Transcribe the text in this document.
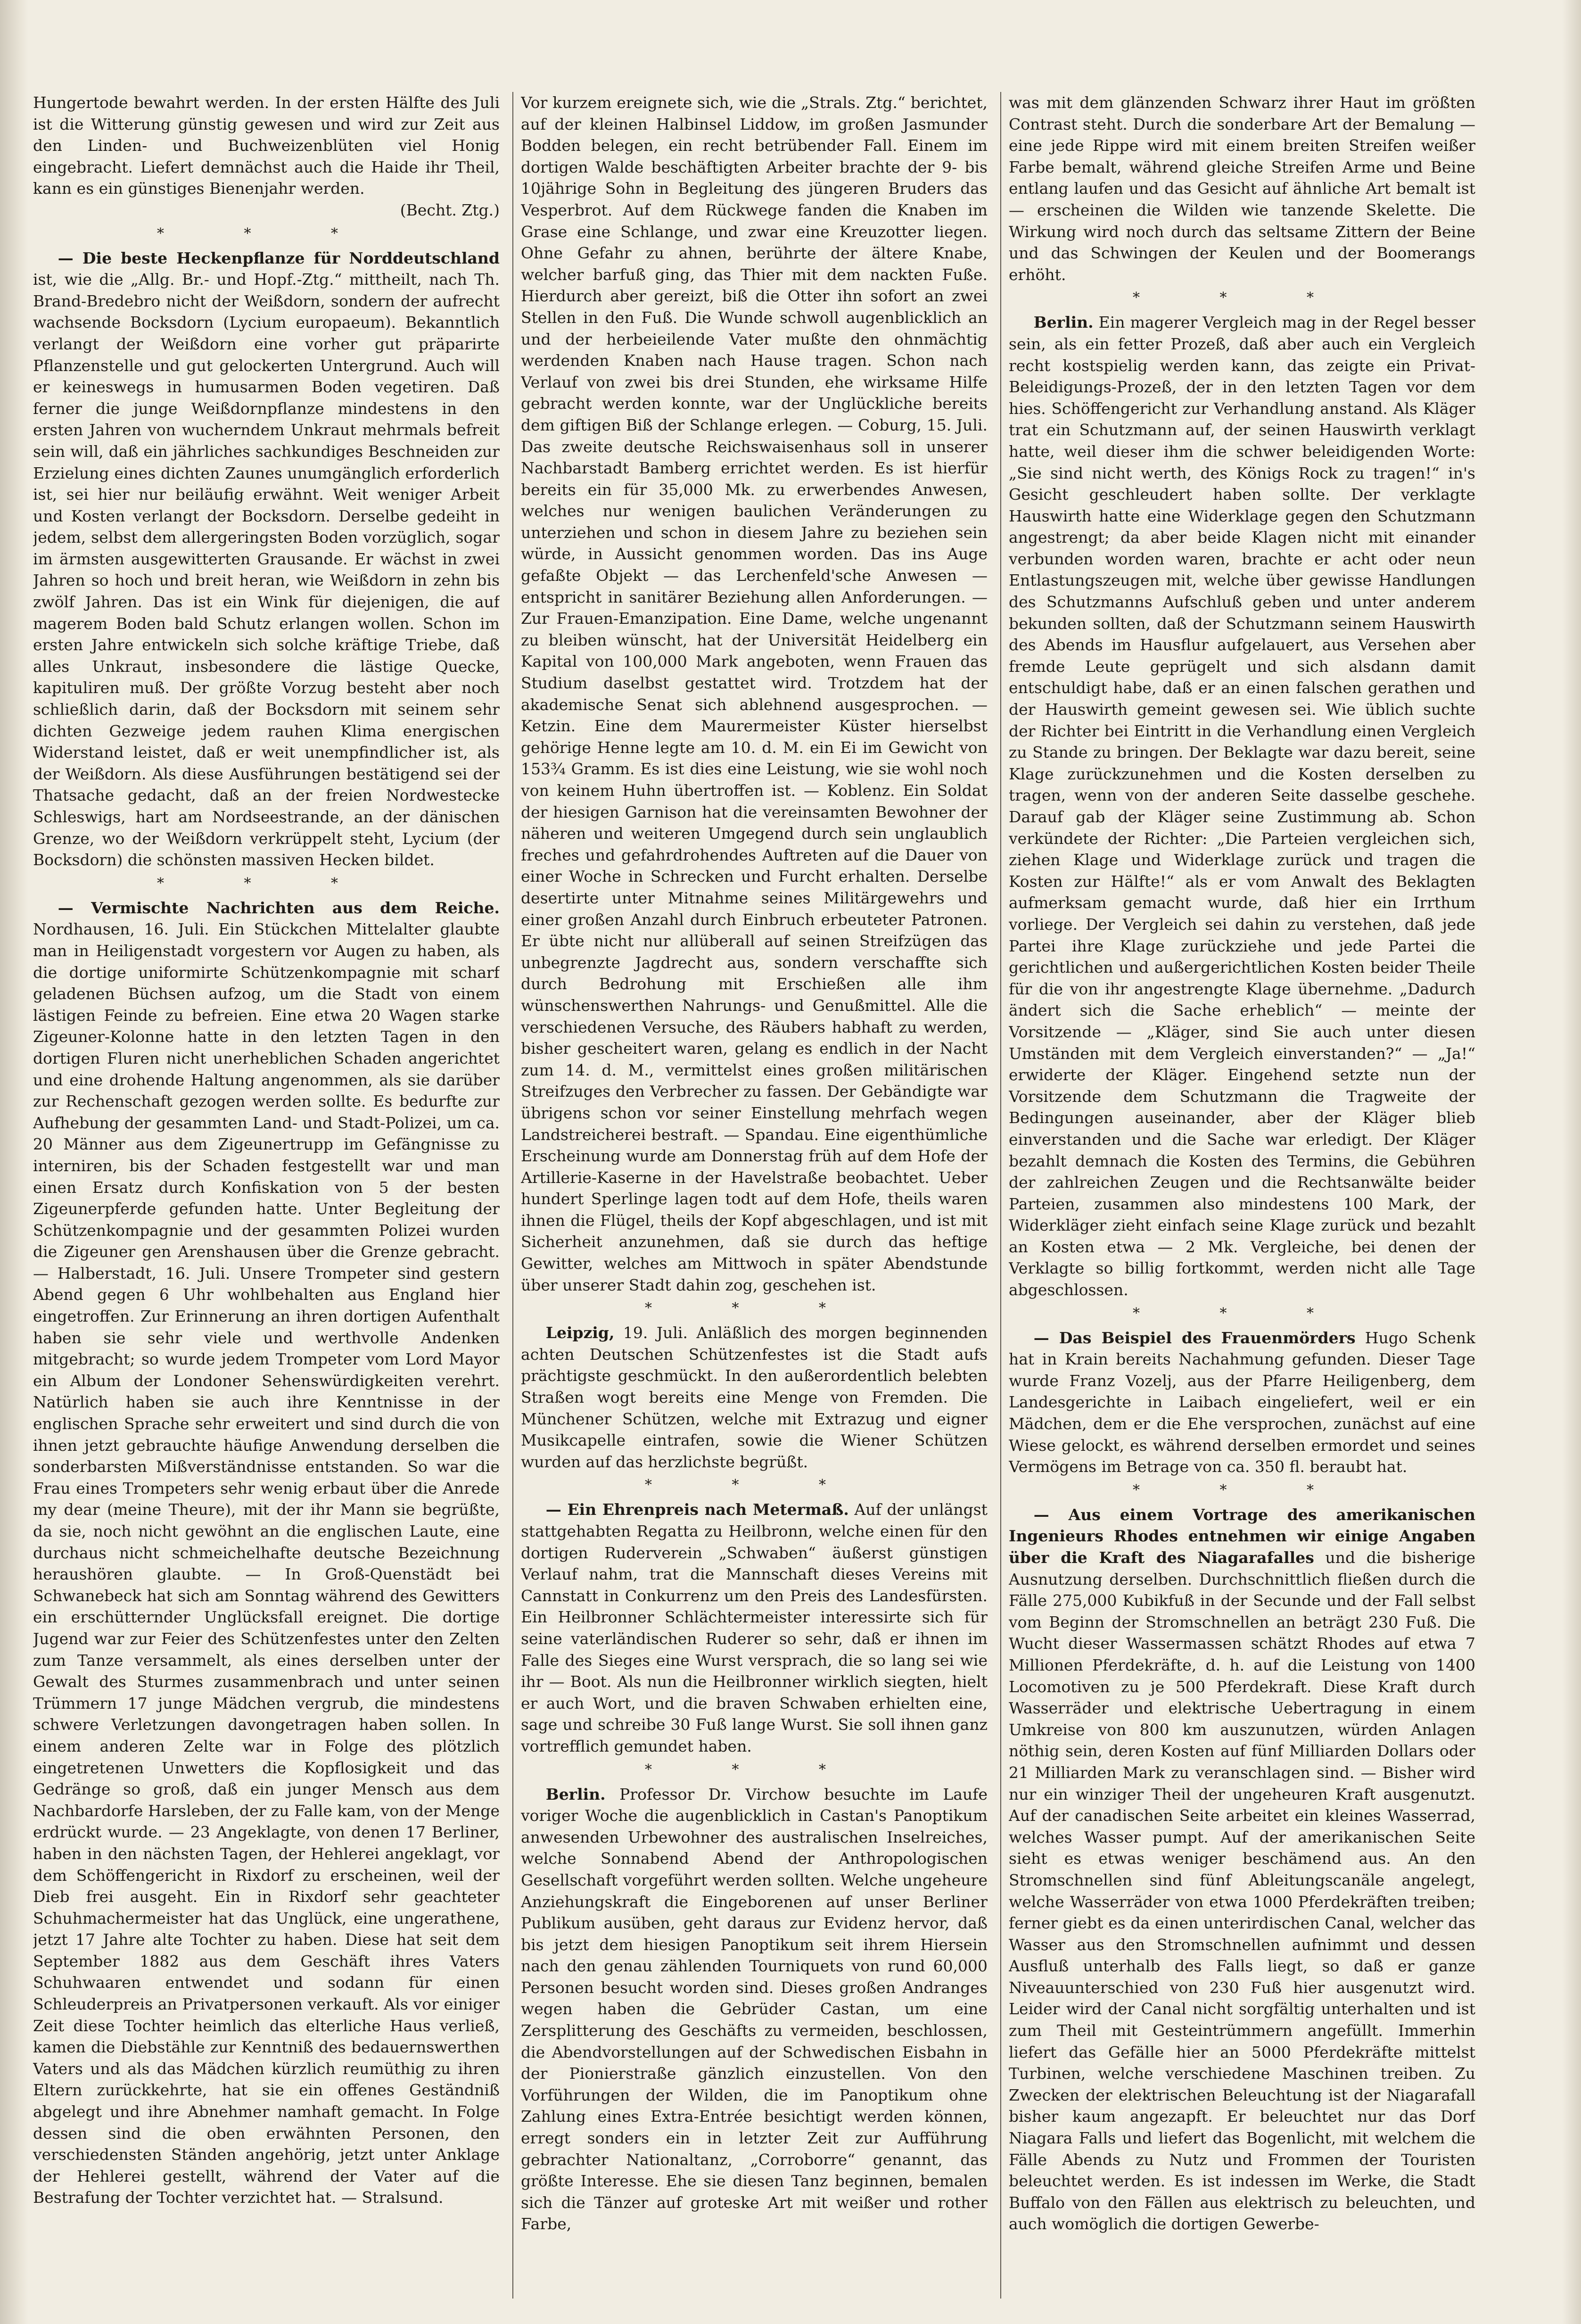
Hungertode bewahrt werden. In der ersten Hälfte des Juli ist die Witterung günstig gewesen und wird zur Zeit aus den Linden- und Buchweizenblüten viel Honig eingebracht. Liefert demnächst auch die Haide ihr Theil, kann es ein günstiges Bienenjahr werden.

(Becht. Ztg.)

* * *

— Die beste Heckenpflanze für Norddeutschland ist, wie die „Allg. Br.- und Hopf.-Ztg.“ mittheilt, nach Th. Brand-Bredebro nicht der Weißdorn, sondern der aufrecht wachsende Bocksdorn (Lycium europaeum). Bekanntlich verlangt der Weißdorn eine vorher gut präparirte Pflanzenstelle und gut gelockerten Untergrund. Auch will er keineswegs in humusarmen Boden vegetiren. Daß ferner die junge Weißdornpflanze mindestens in den ersten Jahren von wucherndem Unkraut mehrmals befreit sein will, daß ein jährliches sachkundiges Beschneiden zur Erzielung eines dichten Zaunes unumgänglich erforderlich ist, sei hier nur beiläufig erwähnt. Weit weniger Arbeit und Kosten verlangt der Bocksdorn. Derselbe gedeiht in jedem, selbst dem allergeringsten Boden vorzüglich, sogar im ärmsten ausgewitterten Grausande. Er wächst in zwei Jahren so hoch und breit heran, wie Weißdorn in zehn bis zwölf Jahren. Das ist ein Wink für diejenigen, die auf magerem Boden bald Schutz erlangen wollen. Schon im ersten Jahre entwickeln sich solche kräftige Triebe, daß alles Unkraut, insbesondere die lästige Quecke, kapituliren muß. Der größte Vorzug besteht aber noch schließlich darin, daß der Bocksdorn mit seinem sehr dichten Gezweige jedem rauhen Klima energischen Widerstand leistet, daß er weit unempfindlicher ist, als der Weißdorn. Als diese Ausführungen bestätigend sei der Thatsache gedacht, daß an der freien Nordwestecke Schleswigs, hart am Nordseestrande, an der dänischen Grenze, wo der Weißdorn verkrüppelt steht, Lycium (der Bocksdorn) die schönsten massiven Hecken bildet.

* * *

— Vermischte Nachrichten aus dem Reiche. Nordhausen, 16. Juli. Ein Stückchen Mittelalter glaubte man in Heiligenstadt vorgestern vor Augen zu haben, als die dortige uniformirte Schützenkompagnie mit scharf geladenen Büchsen aufzog, um die Stadt von einem lästigen Feinde zu befreien. Eine etwa 20 Wagen starke Zigeuner-Kolonne hatte in den letzten Tagen in den dortigen Fluren nicht unerheblichen Schaden angerichtet und eine drohende Haltung angenommen, als sie darüber zur Rechenschaft gezogen werden sollte. Es bedurfte zur Aufhebung der gesammten Land- und Stadt-Polizei, um ca. 20 Männer aus dem Zigeunertrupp im Gefängnisse zu interniren, bis der Schaden festgestellt war und man einen Ersatz durch Konfiskation von 5 der besten Zigeunerpferde gefunden hatte. Unter Begleitung der Schützenkompagnie und der gesammten Polizei wurden die Zigeuner gen Arenshausen über die Grenze gebracht. — Halberstadt, 16. Juli. Unsere Trompeter sind gestern Abend gegen 6 Uhr wohlbehalten aus England hier eingetroffen. Zur Erinnerung an ihren dortigen Aufenthalt haben sie sehr viele und werthvolle Andenken mitgebracht; so wurde jedem Trompeter vom Lord Mayor ein Album der Londoner Sehenswürdigkeiten verehrt. Natürlich haben sie auch ihre Kenntnisse in der englischen Sprache sehr erweitert und sind durch die von ihnen jetzt gebrauchte häufige Anwendung derselben die sonderbarsten Mißverständnisse entstanden. So war die Frau eines Trompeters sehr wenig erbaut über die Anrede my dear (meine Theure), mit der ihr Mann sie begrüßte, da sie, noch nicht gewöhnt an die englischen Laute, eine durchaus nicht schmeichelhafte deutsche Bezeichnung heraushören glaubte. — In Groß-Quenstädt bei Schwanebeck hat sich am Sonntag während des Gewitters ein erschütternder Unglücksfall ereignet. Die dortige Jugend war zur Feier des Schützenfestes unter den Zelten zum Tanze versammelt, als eines derselben unter der Gewalt des Sturmes zusammenbrach und unter seinen Trümmern 17 junge Mädchen vergrub, die mindestens schwere Verletzungen davongetragen haben sollen. In einem anderen Zelte war in Folge des plötzlich eingetretenen Unwetters die Kopflosigkeit und das Gedränge so groß, daß ein junger Mensch aus dem Nachbardorfe Harsleben, der zu Falle kam, von der Menge erdrückt wurde. — 23 Angeklagte, von denen 17 Berliner, haben in den nächsten Tagen, der Hehlerei angeklagt, vor dem Schöffengericht in Rixdorf zu erscheinen, weil der Dieb frei ausgeht. Ein in Rixdorf sehr geachteter Schuhmachermeister hat das Unglück, eine ungerathene, jetzt 17 Jahre alte Tochter zu haben. Diese hat seit dem September 1882 aus dem Geschäft ihres Vaters Schuhwaaren entwendet und sodann für einen Schleuderpreis an Privatpersonen verkauft. Als vor einiger Zeit diese Tochter heimlich das elterliche Haus verließ, kamen die Diebstähle zur Kenntniß des bedauernswerthen Vaters und als das Mädchen kürzlich reumüthig zu ihren Eltern zurückkehrte, hat sie ein offenes Geständniß abgelegt und ihre Abnehmer namhaft gemacht. In Folge dessen sind die oben erwähnten Personen, den verschiedensten Ständen angehörig, jetzt unter Anklage der Hehlerei gestellt, während der Vater auf die Bestrafung der Tochter verzichtet hat. — Stralsund.

Vor kurzem ereignete sich, wie die „Strals. Ztg.“ berichtet, auf der kleinen Halbinsel Liddow, im großen Jasmunder Bodden belegen, ein recht betrübender Fall. Einem im dortigen Walde beschäftigten Arbeiter brachte der 9- bis 10jährige Sohn in Begleitung des jüngeren Bruders das Vesperbrot. Auf dem Rückwege fanden die Knaben im Grase eine Schlange, und zwar eine Kreuzotter liegen. Ohne Gefahr zu ahnen, berührte der ältere Knabe, welcher barfuß ging, das Thier mit dem nackten Fuße. Hierdurch aber gereizt, biß die Otter ihn sofort an zwei Stellen in den Fuß. Die Wunde schwoll augenblicklich an und der herbeieilende Vater mußte den ohnmächtig werdenden Knaben nach Hause tragen. Schon nach Verlauf von zwei bis drei Stunden, ehe wirksame Hilfe gebracht werden konnte, war der Unglückliche bereits dem giftigen Biß der Schlange erlegen. — Coburg, 15. Juli. Das zweite deutsche Reichswaisenhaus soll in unserer Nachbarstadt Bamberg errichtet werden. Es ist hierfür bereits ein für 35,000 Mk. zu erwerbendes Anwesen, welches nur wenigen baulichen Veränderungen zu unterziehen und schon in diesem Jahre zu beziehen sein würde, in Aussicht genommen worden. Das ins Auge gefaßte Objekt — das Lerchenfeld'sche Anwesen — entspricht in sanitärer Beziehung allen Anforderungen. — Zur Frauen-Emanzipation. Eine Dame, welche ungenannt zu bleiben wünscht, hat der Universität Heidelberg ein Kapital von 100,000 Mark angeboten, wenn Frauen das Studium daselbst gestattet wird. Trotzdem hat der akademische Senat sich ablehnend ausgesprochen. — Ketzin. Eine dem Maurermeister Küster hierselbst gehörige Henne legte am 10. d. M. ein Ei im Gewicht von 153¾ Gramm. Es ist dies eine Leistung, wie sie wohl noch von keinem Huhn übertroffen ist. — Koblenz. Ein Soldat der hiesigen Garnison hat die vereinsamten Bewohner der näheren und weiteren Umgegend durch sein unglaublich freches und gefahrdrohendes Auftreten auf die Dauer von einer Woche in Schrecken und Furcht erhalten. Derselbe desertirte unter Mitnahme seines Militärgewehrs und einer großen Anzahl durch Einbruch erbeuteter Patronen. Er übte nicht nur allüberall auf seinen Streifzügen das unbegrenzte Jagdrecht aus, sondern verschaffte sich durch Bedrohung mit Erschießen alle ihm wünschenswerthen Nahrungs- und Genußmittel. Alle die verschiedenen Versuche, des Räubers habhaft zu werden, bisher gescheitert waren, gelang es endlich in der Nacht zum 14. d. M., vermittelst eines großen militärischen Streifzuges den Verbrecher zu fassen. Der Gebändigte war übrigens schon vor seiner Einstellung mehrfach wegen Landstreicherei bestraft. — Spandau. Eine eigenthümliche Erscheinung wurde am Donnerstag früh auf dem Hofe der Artillerie-Kaserne in der Havelstraße beobachtet. Ueber hundert Sperlinge lagen todt auf dem Hofe, theils waren ihnen die Flügel, theils der Kopf abgeschlagen, und ist mit Sicherheit anzunehmen, daß sie durch das heftige Gewitter, welches am Mittwoch in später Abendstunde über unserer Stadt dahin zog, geschehen ist.

* * *

Leipzig, 19. Juli. Anläßlich des morgen beginnenden achten Deutschen Schützenfestes ist die Stadt aufs prächtigste geschmückt. In den außerordentlich belebten Straßen wogt bereits eine Menge von Fremden. Die Münchener Schützen, welche mit Extrazug und eigner Musikcapelle eintrafen, sowie die Wiener Schützen wurden auf das herzlichste begrüßt.

* * *

— Ein Ehrenpreis nach Metermaß. Auf der unlängst stattgehabten Regatta zu Heilbronn, welche einen für den dortigen Ruderverein „Schwaben“ äußerst günstigen Verlauf nahm, trat die Mannschaft dieses Vereins mit Cannstatt in Conkurrenz um den Preis des Landesfürsten. Ein Heilbronner Schlächtermeister interessirte sich für seine vaterländischen Ruderer so sehr, daß er ihnen im Falle des Sieges eine Wurst versprach, die so lang sei wie ihr — Boot. Als nun die Heilbronner wirklich siegten, hielt er auch Wort, und die braven Schwaben erhielten eine, sage und schreibe 30 Fuß lange Wurst. Sie soll ihnen ganz vortrefflich gemundet haben.

* * *

Berlin. Professor Dr. Virchow besuchte im Laufe voriger Woche die augenblicklich in Castan's Panoptikum anwesenden Urbewohner des australischen Inselreiches, welche Sonnabend Abend der Anthropologischen Gesellschaft vorgeführt werden sollten. Welche ungeheure Anziehungskraft die Eingeborenen auf unser Berliner Publikum ausüben, geht daraus zur Evidenz hervor, daß bis jetzt dem hiesigen Panoptikum seit ihrem Hiersein nach den genau zählenden Tourniquets von rund 60,000 Personen besucht worden sind. Dieses großen Andranges wegen haben die Gebrüder Castan, um eine Zersplitterung des Geschäfts zu vermeiden, beschlossen, die Abendvorstellungen auf der Schwedischen Eisbahn in der Pionierstraße gänzlich einzustellen. Von den Vorführungen der Wilden, die im Panoptikum ohne Zahlung eines Extra-Entrée besichtigt werden können, erregt sonders ein in letzter Zeit zur Aufführung gebrachter Nationaltanz, „Corroborre“ genannt, das größte Interesse. Ehe sie diesen Tanz beginnen, bemalen sich die Tänzer auf groteske Art mit weißer und rother Farbe,

was mit dem glänzenden Schwarz ihrer Haut im größten Contrast steht. Durch die sonderbare Art der Bemalung — eine jede Rippe wird mit einem breiten Streifen weißer Farbe bemalt, während gleiche Streifen Arme und Beine entlang laufen und das Gesicht auf ähnliche Art bemalt ist — erscheinen die Wilden wie tanzende Skelette. Die Wirkung wird noch durch das seltsame Zittern der Beine und das Schwingen der Keulen und der Boomerangs erhöht.

* * *

Berlin. Ein magerer Vergleich mag in der Regel besser sein, als ein fetter Prozeß, daß aber auch ein Vergleich recht kostspielig werden kann, das zeigte ein Privat-Beleidigungs-Prozeß, der in den letzten Tagen vor dem hies. Schöffengericht zur Verhandlung anstand. Als Kläger trat ein Schutzmann auf, der seinen Hauswirth verklagt hatte, weil dieser ihm die schwer beleidigenden Worte: „Sie sind nicht werth, des Königs Rock zu tragen!“ in's Gesicht geschleudert haben sollte. Der verklagte Hauswirth hatte eine Widerklage gegen den Schutzmann angestrengt; da aber beide Klagen nicht mit einander verbunden worden waren, brachte er acht oder neun Entlastungszeugen mit, welche über gewisse Handlungen des Schutzmanns Aufschluß geben und unter anderem bekunden sollten, daß der Schutzmann seinem Hauswirth des Abends im Hausflur aufgelauert, aus Versehen aber fremde Leute geprügelt und sich alsdann damit entschuldigt habe, daß er an einen falschen gerathen und der Hauswirth gemeint gewesen sei. Wie üblich suchte der Richter bei Eintritt in die Verhandlung einen Vergleich zu Stande zu bringen. Der Beklagte war dazu bereit, seine Klage zurückzunehmen und die Kosten derselben zu tragen, wenn von der anderen Seite dasselbe geschehe. Darauf gab der Kläger seine Zustimmung ab. Schon verkündete der Richter: „Die Parteien vergleichen sich, ziehen Klage und Widerklage zurück und tragen die Kosten zur Hälfte!“ als er vom Anwalt des Beklagten aufmerksam gemacht wurde, daß hier ein Irrthum vorliege. Der Vergleich sei dahin zu verstehen, daß jede Partei ihre Klage zurückziehe und jede Partei die gerichtlichen und außergerichtlichen Kosten beider Theile für die von ihr angestrengte Klage übernehme. „Dadurch ändert sich die Sache erheblich“ — meinte der Vorsitzende — „Kläger, sind Sie auch unter diesen Umständen mit dem Vergleich einverstanden?“ — „Ja!“ erwiderte der Kläger. Eingehend setzte nun der Vorsitzende dem Schutzmann die Tragweite der Bedingungen auseinander, aber der Kläger blieb einverstanden und die Sache war erledigt. Der Kläger bezahlt demnach die Kosten des Termins, die Gebühren der zahlreichen Zeugen und die Rechtsanwälte beider Parteien, zusammen also mindestens 100 Mark, der Widerkläger zieht einfach seine Klage zurück und bezahlt an Kosten etwa — 2 Mk. Vergleiche, bei denen der Verklagte so billig fortkommt, werden nicht alle Tage abgeschlossen.

* * *

— Das Beispiel des Frauenmörders Hugo Schenk hat in Krain bereits Nachahmung gefunden. Dieser Tage wurde Franz Vozelj, aus der Pfarre Heiligenberg, dem Landesgerichte in Laibach eingeliefert, weil er ein Mädchen, dem er die Ehe versprochen, zunächst auf eine Wiese gelockt, es während derselben ermordet und seines Vermögens im Betrage von ca. 350 fl. beraubt hat.

* * *

— Aus einem Vortrage des amerikanischen Ingenieurs Rhodes entnehmen wir einige Angaben über die Kraft des Niagarafalles und die bisherige Ausnutzung derselben. Durchschnittlich fließen durch die Fälle 275,000 Kubikfuß in der Secunde und der Fall selbst vom Beginn der Stromschnellen an beträgt 230 Fuß. Die Wucht dieser Wassermassen schätzt Rhodes auf etwa 7 Millionen Pferdekräfte, d. h. auf die Leistung von 1400 Locomotiven zu je 500 Pferdekraft. Diese Kraft durch Wasserräder und elektrische Uebertragung in einem Umkreise von 800 km auszunutzen, würden Anlagen nöthig sein, deren Kosten auf fünf Milliarden Dollars oder 21 Milliarden Mark zu veranschlagen sind. — Bisher wird nur ein winziger Theil der ungeheuren Kraft ausgenutzt. Auf der canadischen Seite arbeitet ein kleines Wasserrad, welches Wasser pumpt. Auf der amerikanischen Seite sieht es etwas weniger beschämend aus. An den Stromschnellen sind fünf Ableitungscanäle angelegt, welche Wasserräder von etwa 1000 Pferdekräften treiben; ferner giebt es da einen unterirdischen Canal, welcher das Wasser aus den Stromschnellen aufnimmt und dessen Ausfluß unterhalb des Falls liegt, so daß er ganze Niveauunterschied von 230 Fuß hier ausgenutzt wird. Leider wird der Canal nicht sorgfältig unterhalten und ist zum Theil mit Gesteintrümmern angefüllt. Immerhin liefert das Gefälle hier an 5000 Pferdekräfte mittelst Turbinen, welche verschiedene Maschinen treiben. Zu Zwecken der elektrischen Beleuchtung ist der Niagarafall bisher kaum angezapft. Er beleuchtet nur das Dorf Niagara Falls und liefert das Bogenlicht, mit welchem die Fälle Abends zu Nutz und Frommen der Touristen beleuchtet werden. Es ist indessen im Werke, die Stadt Buffalo von den Fällen aus elektrisch zu beleuchten, und auch womöglich die dortigen Gewerbe-
